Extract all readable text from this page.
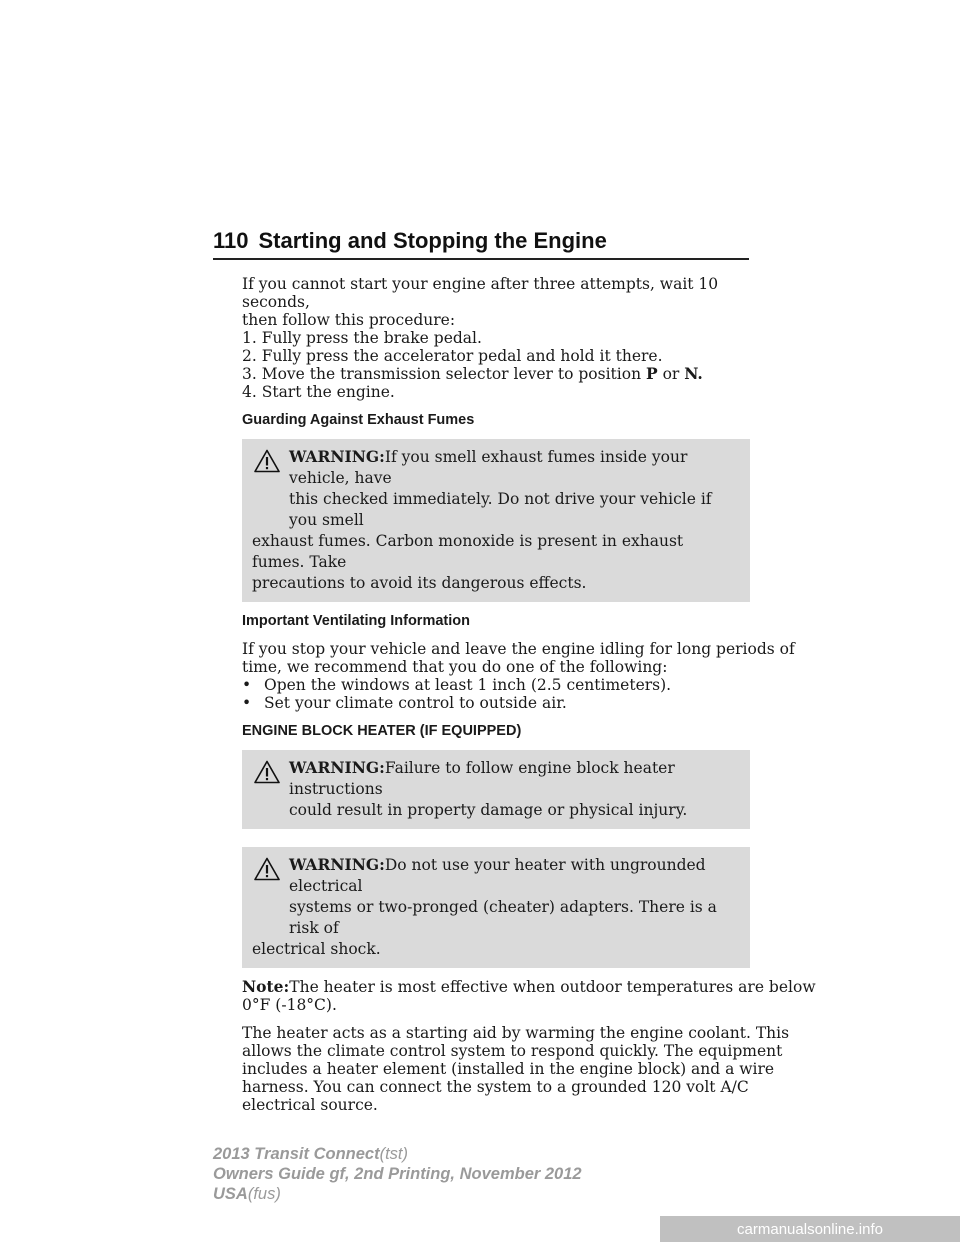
110 Starting and Stopping the Engine

If you cannot start your engine after three attempts, wait 10 seconds,
then follow this procedure:
1. Fully press the brake pedal.
2. Fully press the accelerator pedal and hold it there.
3. Move the transmission selector lever to position P or N.
4. Start the engine.

Guarding Against Exhaust Fumes
WARNING:If you smell exhaust fumes inside your vehicle, have
this checked immediately. Do not drive your vehicle if you smell
exhaust fumes. Carbon monoxide is present in exhaust fumes. Take
precautions to avoid its dangerous effects.
Important Ventilating Information
If you stop your vehicle and leave the engine idling for long periods of
time, we recommend that you do one of the following:
• Open the windows at least 1 inch (2.5 centimeters).
• Set your climate control to outside air.
ENGINE BLOCK HEATER (IF EQUIPPED)
WARNING:Failure to follow engine block heater instructions
could result in property damage or physical injury.
WARNING:Do not use your heater with ungrounded electrical
systems or two-pronged (cheater) adapters. There is a risk of
electrical shock.
Note:The heater is most effective when outdoor temperatures are below
0°F (-18°C).
The heater acts as a starting aid by warming the engine coolant. This
allows the climate control system to respond quickly. The equipment
includes a heater element (installed in the engine block) and a wire
harness. You can connect the system to a grounded 120 volt A/C
electrical source.
2013 Transit Connect(tst)
Owners Guide gf, 2nd Printing, November 2012
USA(fus)
carmanualsonline.info
